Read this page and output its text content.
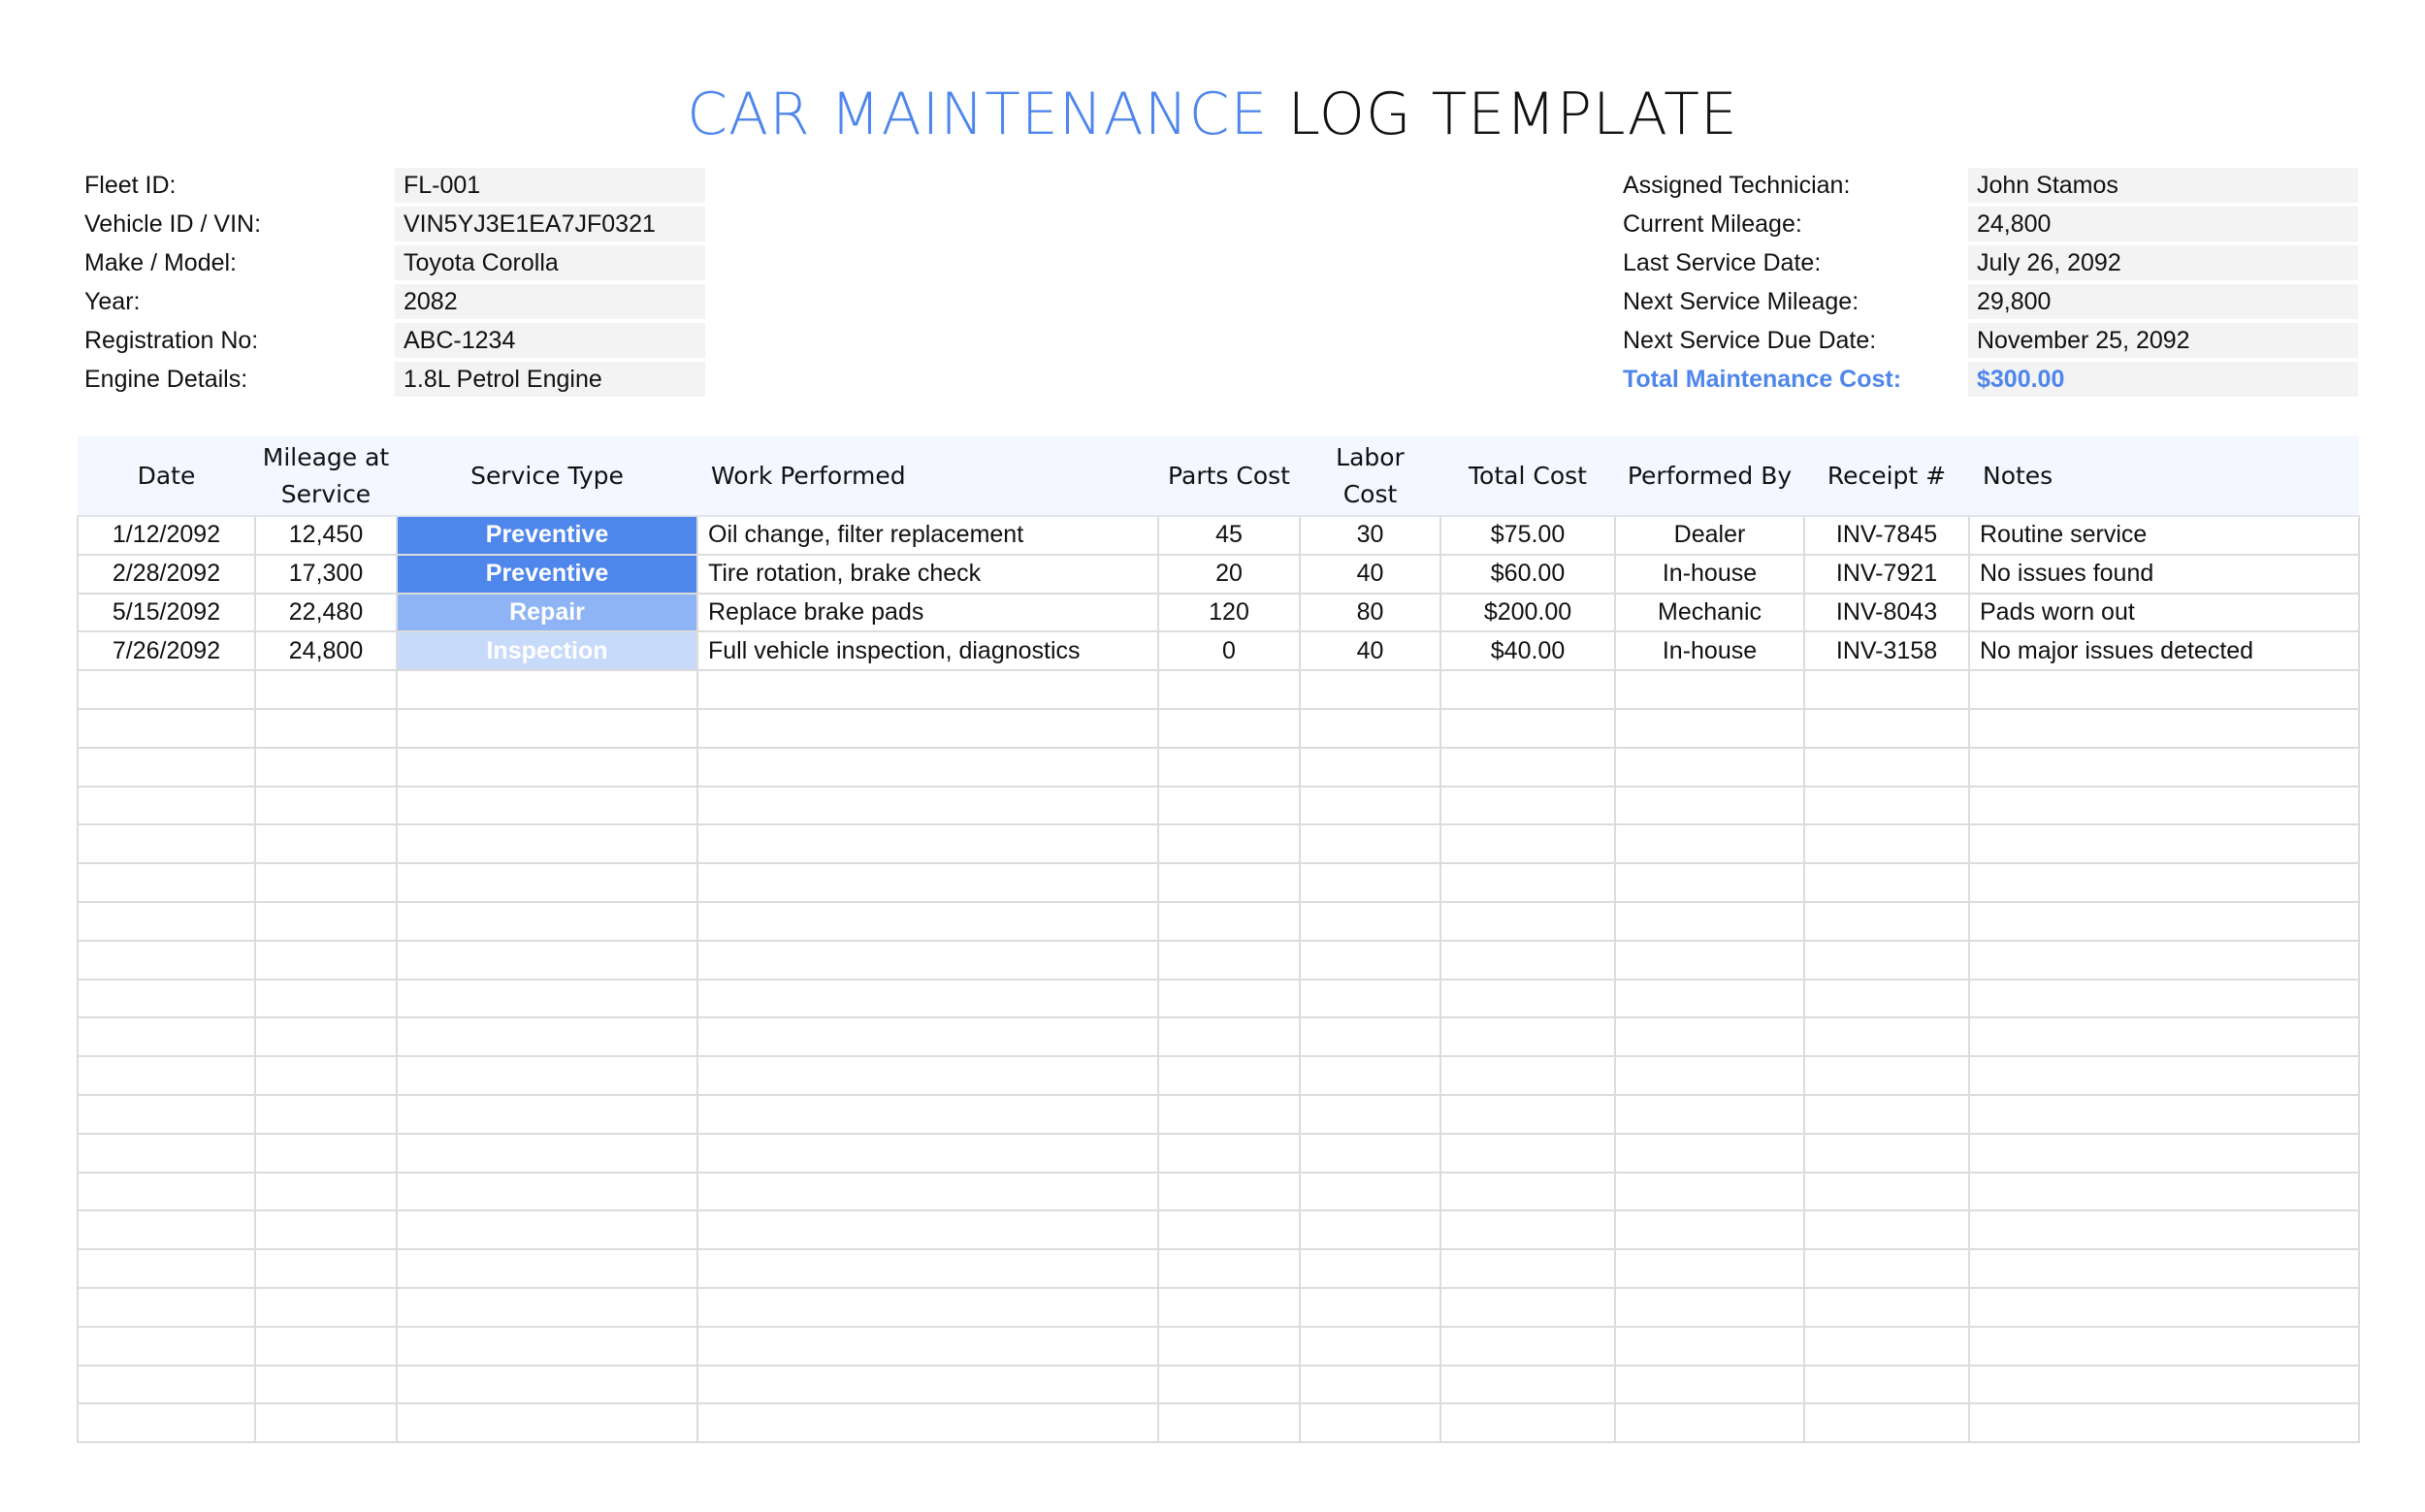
CAR MAINTENANCE LOG TEMPLATE
Fleet ID:	FL-001
Vehicle ID / VIN:	VIN5YJ3E1EA7JF0321
Make / Model:	Toyota Corolla
Year:	2082
Registration No:	ABC-1234
Engine Details:	1.8L Petrol Engine
Assigned Technician:	John Stamos
Current Mileage:	24,800
Last Service Date:	July 26, 2092
Next Service Mileage:	29,800
Next Service Due Date:	November 25, 2092
Total Maintenance Cost:	$300.00
Date	Mileage at Service	Service Type	Work Performed	Parts Cost	Labor Cost	Total Cost	Performed By	Receipt #	Notes
1/12/2092	12,450	Preventive	Oil change, filter replacement	45	30	$75.00	Dealer	INV-7845	Routine service
2/28/2092	17,300	Preventive	Tire rotation, brake check	20	40	$60.00	In-house	INV-7921	No issues found
5/15/2092	22,480	Repair	Replace brake pads	120	80	$200.00	Mechanic	INV-8043	Pads worn out
7/26/2092	24,800	Inspection	Full vehicle inspection, diagnostics	0	40	$40.00	In-house	INV-3158	No major issues detected
